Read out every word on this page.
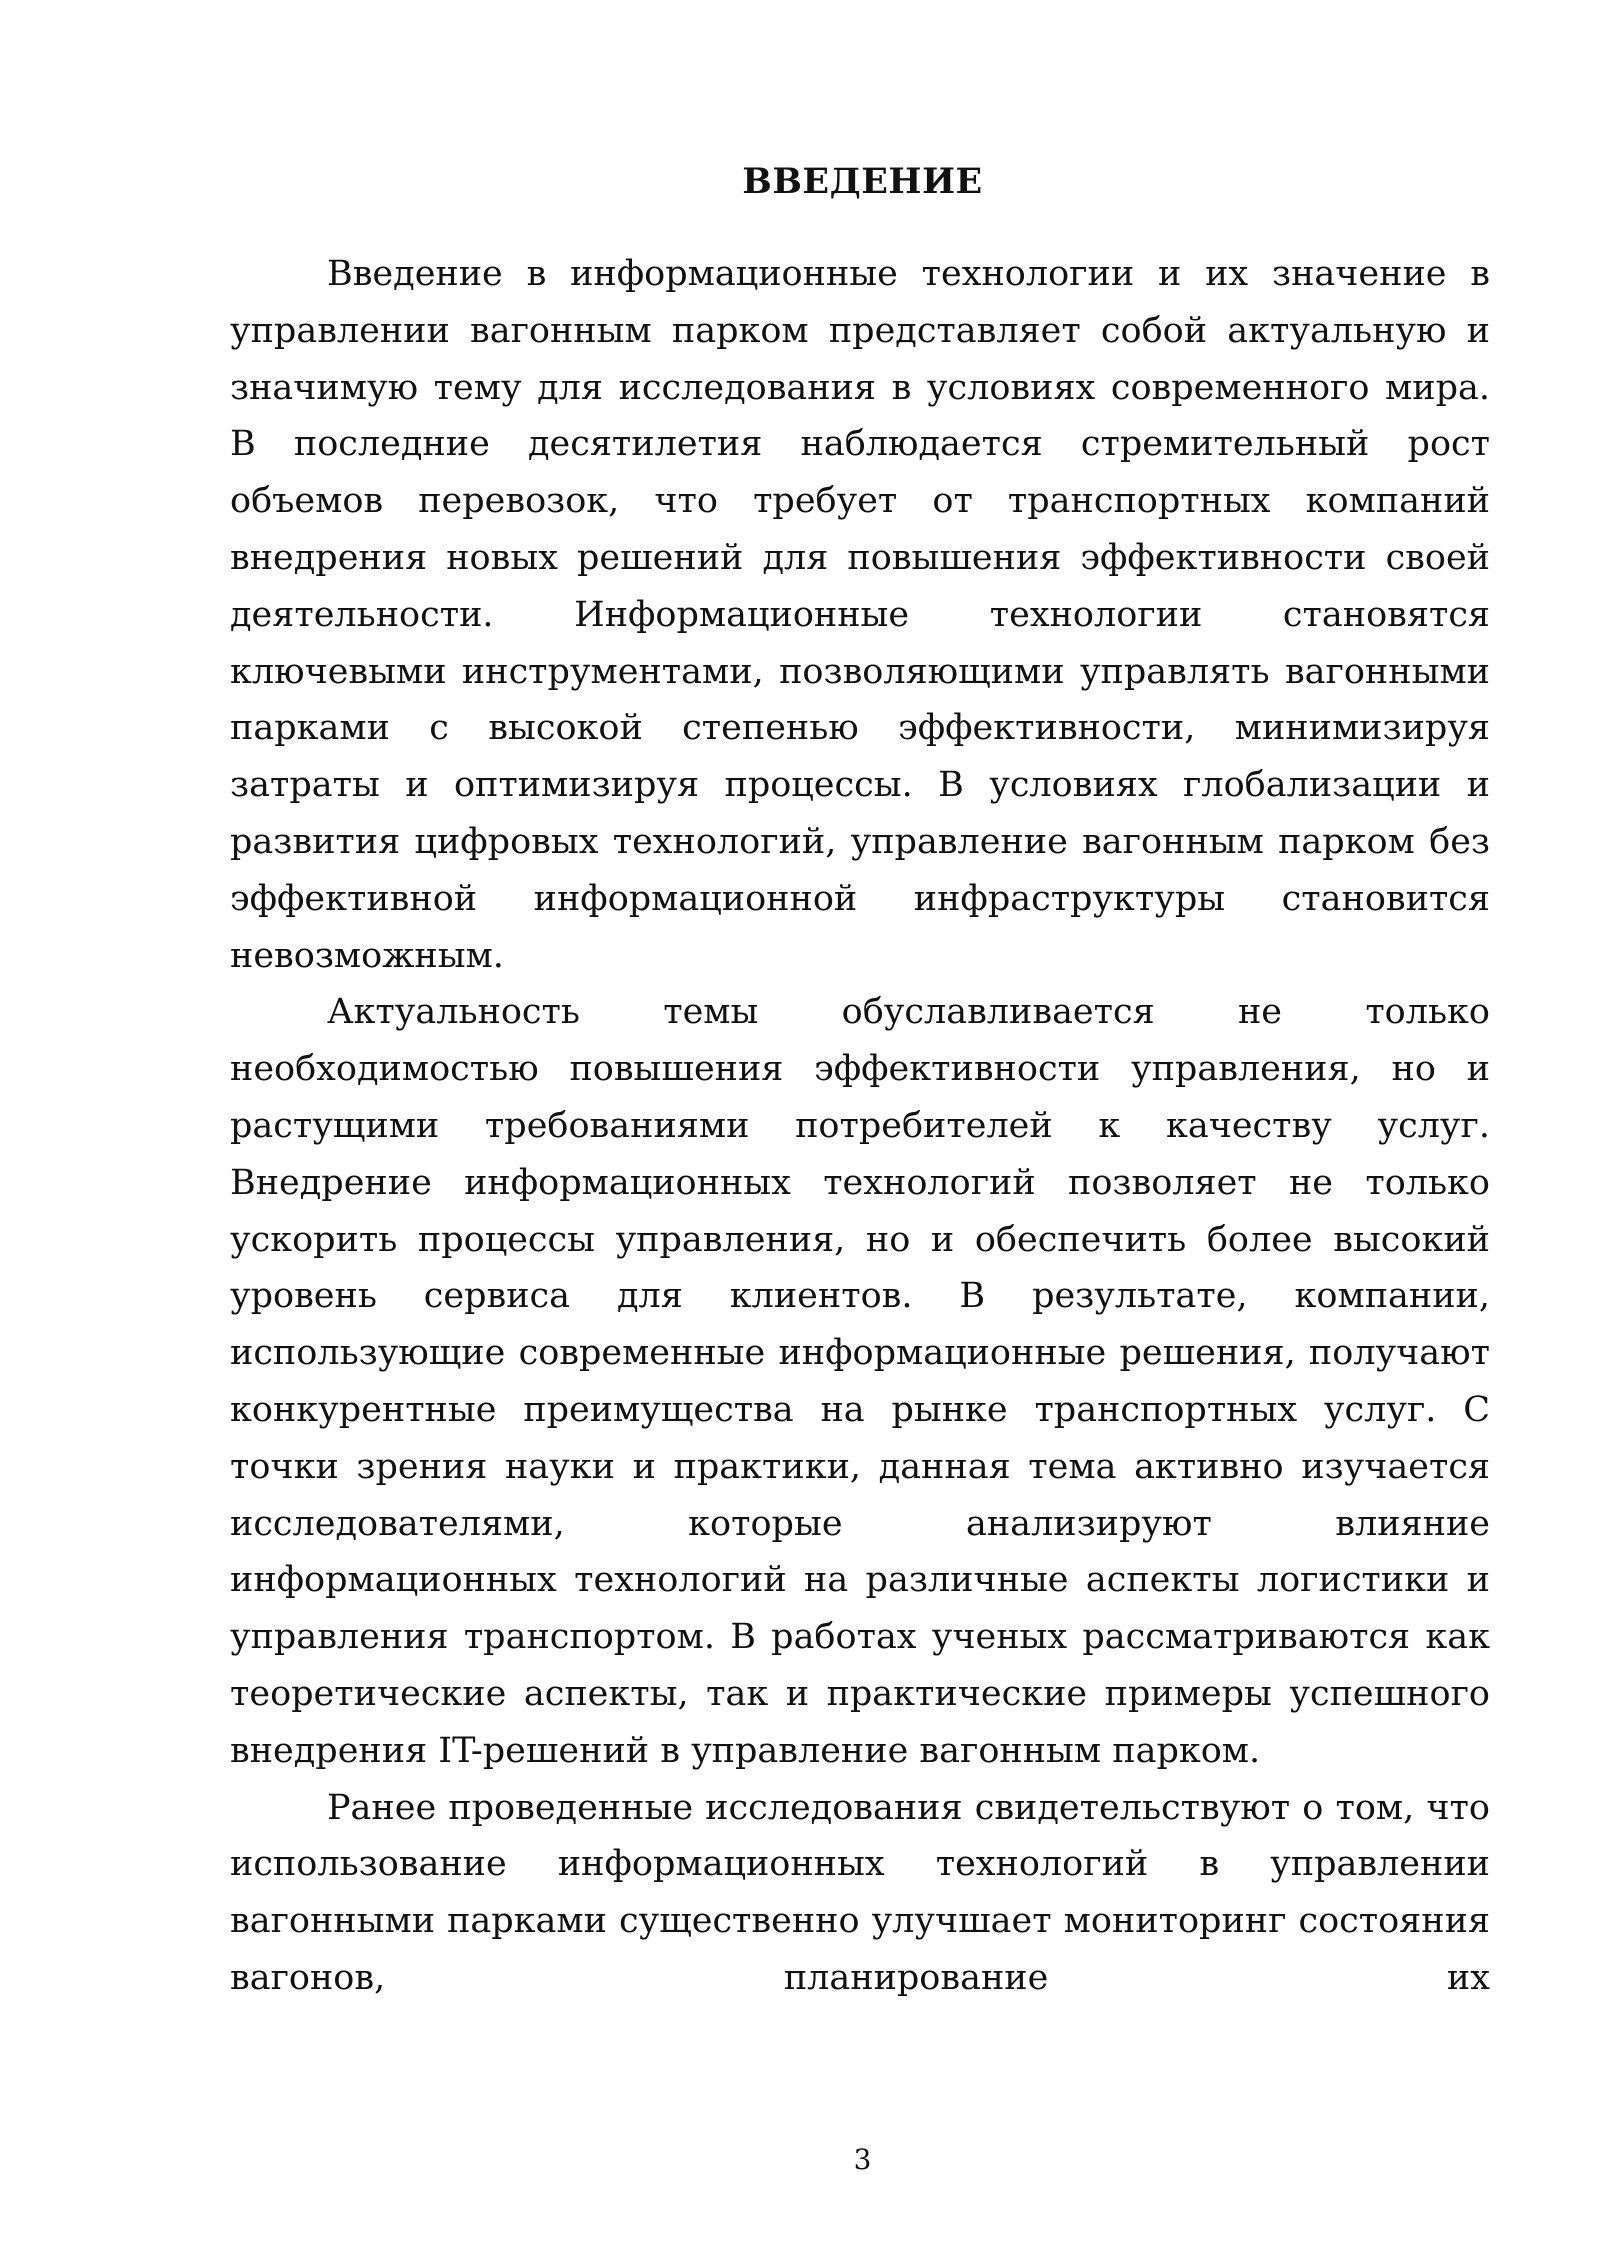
ВВЕДЕНИЕ

Введение в информационные технологии и их значение в управлении вагонным парком представляет собой актуальную и значимую тему для исследования в условиях современного мира. В последние десятилетия наблюдается стремительный рост объемов перевозок, что требует от транспортных компаний внедрения новых решений для повышения эффективности своей деятельности. Информационные технологии становятся ключевыми инструментами, позволяющими управлять вагонными парками с высокой степенью эффективности, минимизируя затраты и оптимизируя процессы. В условиях глобализации и развития цифровых технологий, управление вагонным парком без эффективной информационной инфраструктуры становится невозможным.

Актуальность темы обуславливается не только необходимостью повышения эффективности управления, но и растущими требованиями потребителей к качеству услуг. Внедрение информационных технологий позволяет не только ускорить процессы управления, но и обеспечить более высокий уровень сервиса для клиентов. В результате, компании, использующие современные информационные решения, получают конкурентные преимущества на рынке транспортных услуг. С точки зрения науки и практики, данная тема активно изучается исследователями, которые анализируют влияние информационных технологий на различные аспекты логистики и управления транспортом. В работах ученых рассматриваются как теоретические аспекты, так и практические примеры успешного внедрения IT-решений в управление вагонным парком.

Ранее проведенные исследования свидетельствуют о том, что использование информационных технологий в управлении вагонными парками существенно улучшает мониторинг состояния вагонов, планирование их

3
